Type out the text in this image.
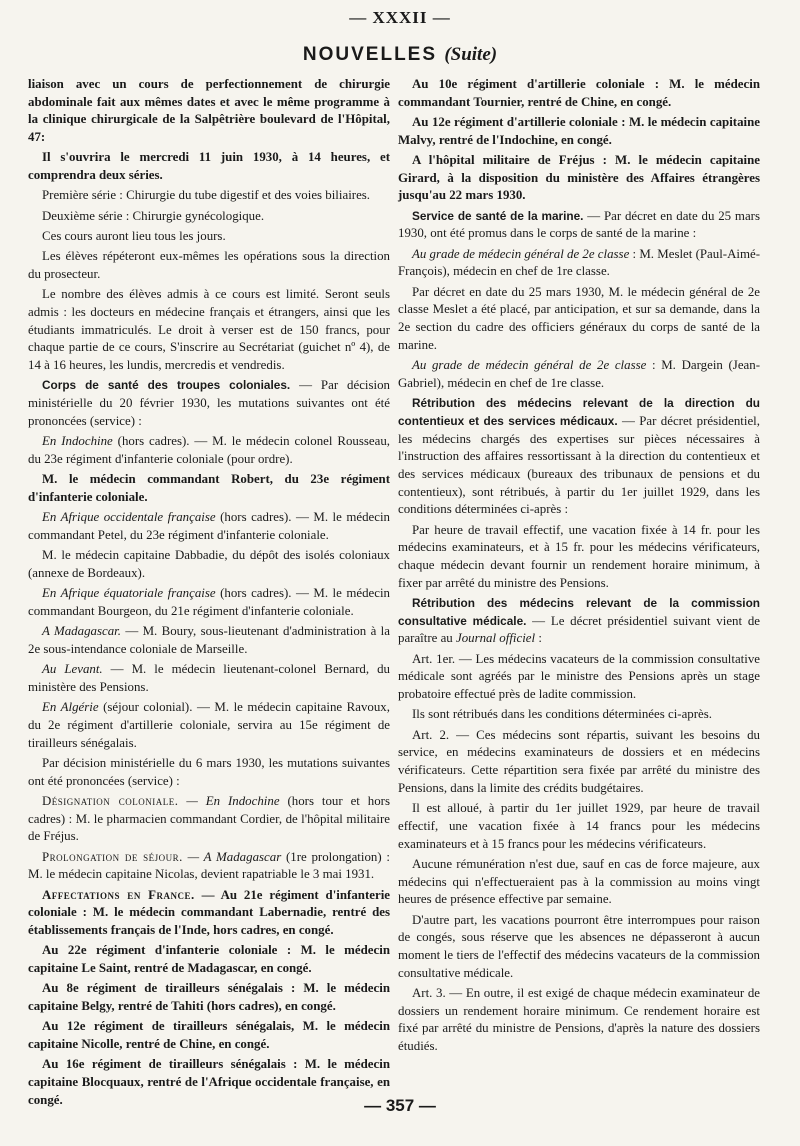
— XXXII —
NOUVELLES (Suite)

liaison avec un cours de perfectionnement de chirurgie abdominale fait aux mêmes dates et avec le même programme à la clinique chirurgicale de la Salpêtrière boulevard de l'Hôpital, 47:

Il s'ouvrira le mercredi 11 juin 1930, à 14 heures, et comprendra deux séries.

Première série : Chirurgie du tube digestif et des voies biliaires.

Deuxième série : Chirurgie gynécologique.

Ces cours auront lieu tous les jours.

Les élèves répéteront eux-mêmes les opérations sous la direction du prosecteur.

Le nombre des élèves admis à ce cours est limité. Seront seuls admis : les docteurs en médecine français et étrangers, ainsi que les étudiants immatriculés. Le droit à verser est de 150 francs, pour chaque partie de ce cours, S'inscrire au Secrétariat (guichet nº 4), de 14 à 16 heures, les lundis, mercredis et vendredis.

Corps de santé des troupes coloniales. — Par décision ministérielle du 20 février 1930, les mutations suivantes ont été prononcées (service) :

En Indochine (hors cadres). — M. le médecin colonel Rousseau, du 23e régiment d'infanterie coloniale (pour ordre).

M. le médecin commandant Robert, du 23e régiment d'infanterie coloniale.

En Afrique occidentale française (hors cadres). — M. le médecin commandant Petel, du 23e régiment d'infanterie coloniale.

M. le médecin capitaine Dabbadie, du dépôt des isolés coloniaux (annexe de Bordeaux).

En Afrique équatoriale française (hors cadres). — M. le médecin commandant Bourgeon, du 21e régiment d'infanterie coloniale.

A Madagascar. — M. Boury, sous-lieutenant d'administration à la 2e sous-intendance coloniale de Marseille.

Au Levant. — M. le médecin lieutenant-colonel Bernard, du ministère des Pensions.

En Algérie (séjour colonial). — M. le médecin capitaine Ravoux, du 2e régiment d'artillerie coloniale, servira au 15e régiment de tirailleurs sénégalais.

Par décision ministérielle du 6 mars 1930, les mutations suivantes ont été prononcées (service) :

Désignation coloniale. — En Indochine (hors tour et hors cadres) : M. le pharmacien commandant Cordier, de l'hôpital militaire de Fréjus.

Prolongation de séjour. — A Madagascar (1re prolongation) : M. le médecin capitaine Nicolas, devient rapatriable le 3 mai 1931.

Affectations en France. — Au 21e régiment d'infanterie coloniale : M. le médecin commandant Labernadie, rentré des établissements français de l'Inde, hors cadres, en congé.

Au 22e régiment d'infanterie coloniale : M. le médecin capitaine Le Saint, rentré de Madagascar, en congé.

Au 8e régiment de tirailleurs sénégalais : M. le médecin capitaine Belgy, rentré de Tahiti (hors cadres), en congé.

Au 12e régiment de tirailleurs sénégalais, M. le médecin capitaine Nicolle, rentré de Chine, en congé.

Au 16e régiment de tirailleurs sénégalais : M. le médecin capitaine Blocquaux, rentré de l'Afrique occidentale française, en congé.

Au 10e régiment d'artillerie coloniale : M. le médecin commandant Tournier, rentré de Chine, en congé.

Au 12e régiment d'artillerie coloniale : M. le médecin capitaine Malvy, rentré de l'Indochine, en congé.

A l'hôpital militaire de Fréjus : M. le médecin capitaine Girard, à la disposition du ministère des Affaires étrangères jusqu'au 22 mars 1930.

Service de santé de la marine. — Par décret en date du 25 mars 1930, ont été promus dans le corps de santé de la marine :

Au grade de médecin général de 2e classe : M. Meslet (Paul-Aimé-François), médecin en chef de 1re classe.

Par décret en date du 25 mars 1930, M. le médecin général de 2e classe Meslet a été placé, par anticipation, et sur sa demande, dans la 2e section du cadre des officiers généraux du corps de santé de la marine.

Au grade de médecin général de 2e classe : M. Dargein (Jean-Gabriel), médecin en chef de 1re classe.

Rétribution des médecins relevant de la direction du contentieux et des services médicaux. — Par décret présidentiel, les médecins chargés des expertises sur pièces nécessaires à l'instruction des affaires ressortissant à la direction du contentieux et des services médicaux (bureaux des tribunaux de pensions et du contentieux), sont rétribués, à partir du 1er juillet 1929, dans les conditions déterminées ci-après :

Par heure de travail effectif, une vacation fixée à 14 fr. pour les médecins examinateurs, et à 15 fr. pour les médecins vérificateurs, chaque médecin devant fournir un rendement horaire minimum, à fixer par arrêté du ministre des Pensions.

Rétribution des médecins relevant de la commission consultative médicale. — Le décret présidentiel suivant vient de paraître au Journal officiel :

Art. 1er. — Les médecins vacateurs de la commission consultative médicale sont agréés par le ministre des Pensions après un stage probatoire effectué près de ladite commission.

Ils sont rétribués dans les conditions déterminées ci-après.

Art. 2. — Ces médecins sont répartis, suivant les besoins du service, en médecins examinateurs de dossiers et en médecins vérificateurs. Cette répartition sera fixée par arrêté du ministre des Pensions, dans la limite des crédits budgétaires.

Il est alloué, à partir du 1er juillet 1929, par heure de travail effectif, une vacation fixée à 14 francs pour les médecins examinateurs et à 15 francs pour les médecins vérificateurs.

Aucune rémunération n'est due, sauf en cas de force majeure, aux médecins qui n'effectueraient pas à la commission au moins vingt heures de présence effective par semaine.

D'autre part, les vacations pourront être interrompues pour raison de congés, sous réserve que les absences ne dépasseront à aucun moment le tiers de l'effectif des médecins vacateurs de la commission consultative médicale.

Art. 3. — En outre, il est exigé de chaque médecin examinateur de dossiers un rendement horaire minimum. Ce rendement horaire est fixé par arrêté du ministre de Pensions, d'après la nature des dossiers étudiés.

— 357 —
